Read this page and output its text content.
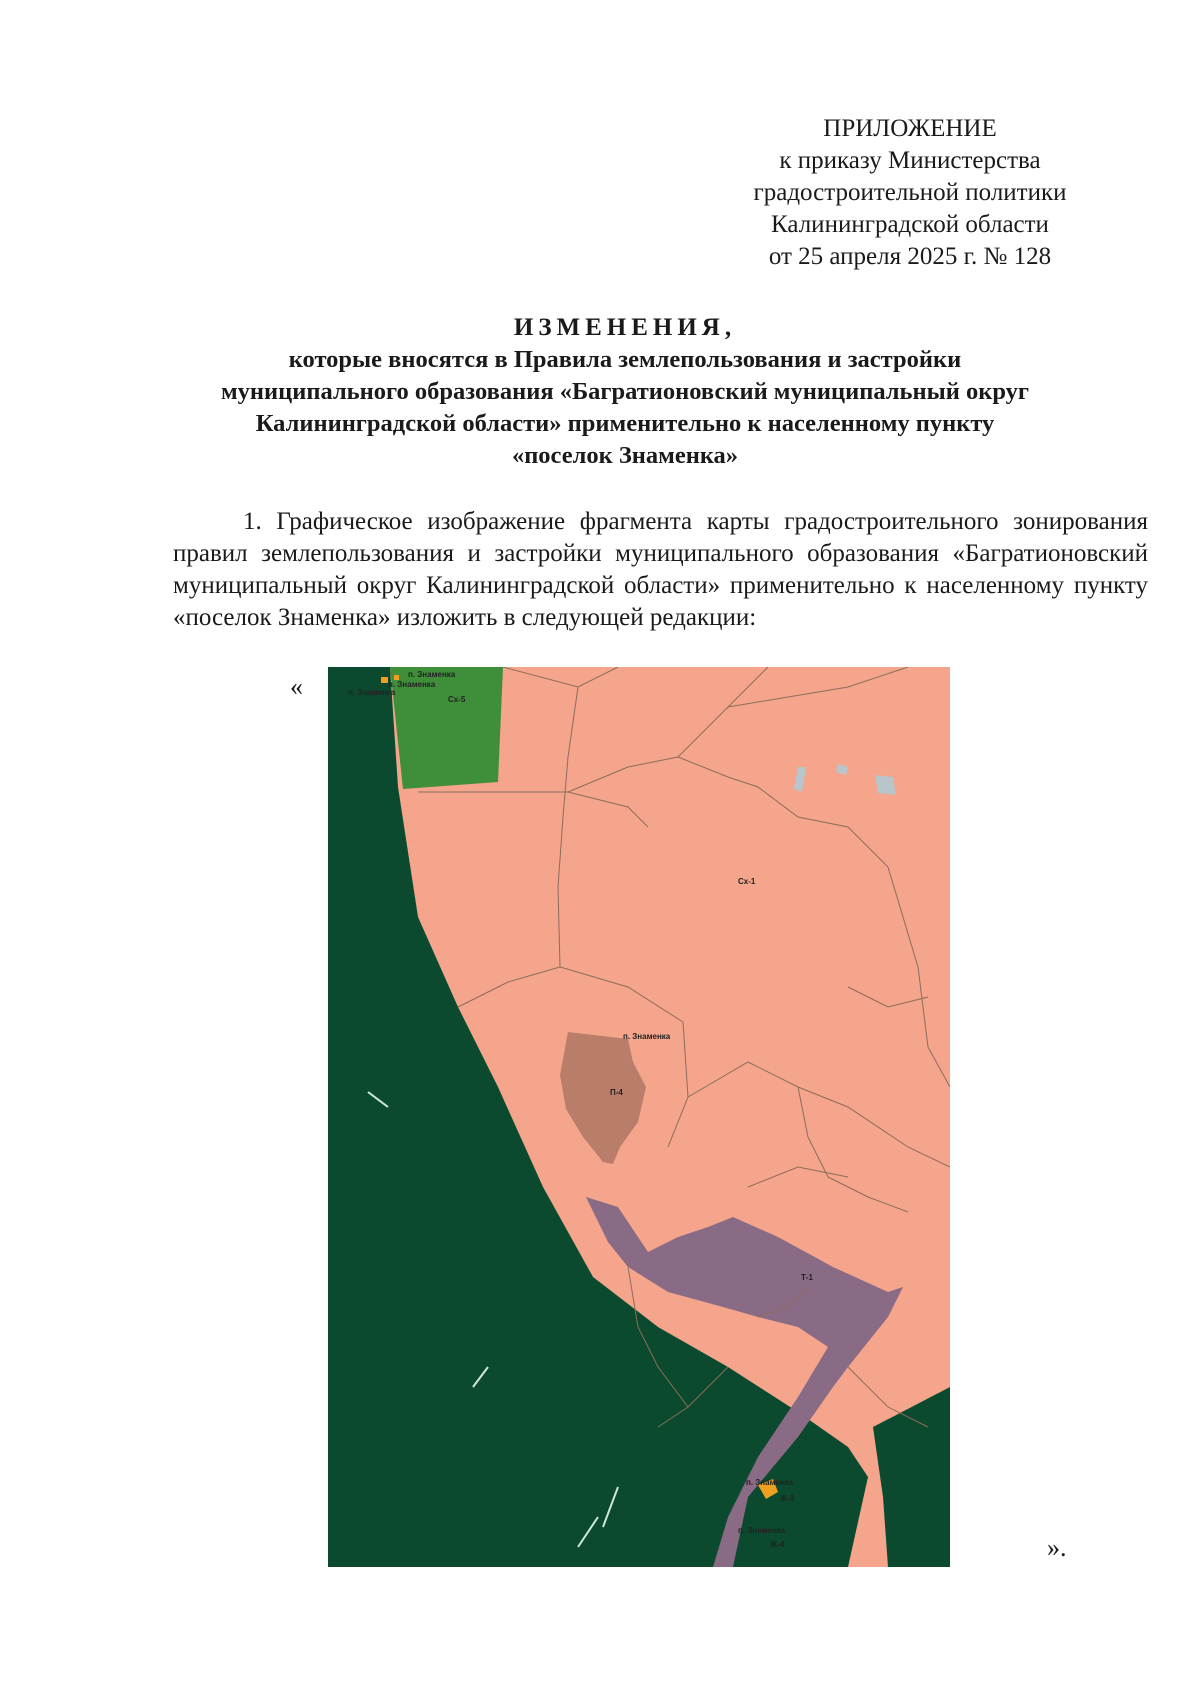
ПРИЛОЖЕНИЕ
к приказу Министерства
градостроительной политики
Калининградской области
от 25 апреля 2025 г. № 128
ИЗМЕНЕНИЯ,
которые вносятся в Правила землепользования и застройки
муниципального образования «Багратионовский муниципальный округ
Калининградской области» применительно к населенному пункту
«поселок Знаменка»
1. Графическое изображение фрагмента карты градостроительного зонирования правил землепользования и застройки муниципального образования «Багратионовский муниципальный округ Калининградской области» применительно к населенному пункту «поселок Знаменка» изложить в следующей редакции:
«
».
п. Знаменка
п. Знаменка
п. Знаменка
Сх-5
Сх-1
п. Знаменка
П-4
Т-1
п. Знаменка
Ж-3
п. Знаменка
Ж-4
